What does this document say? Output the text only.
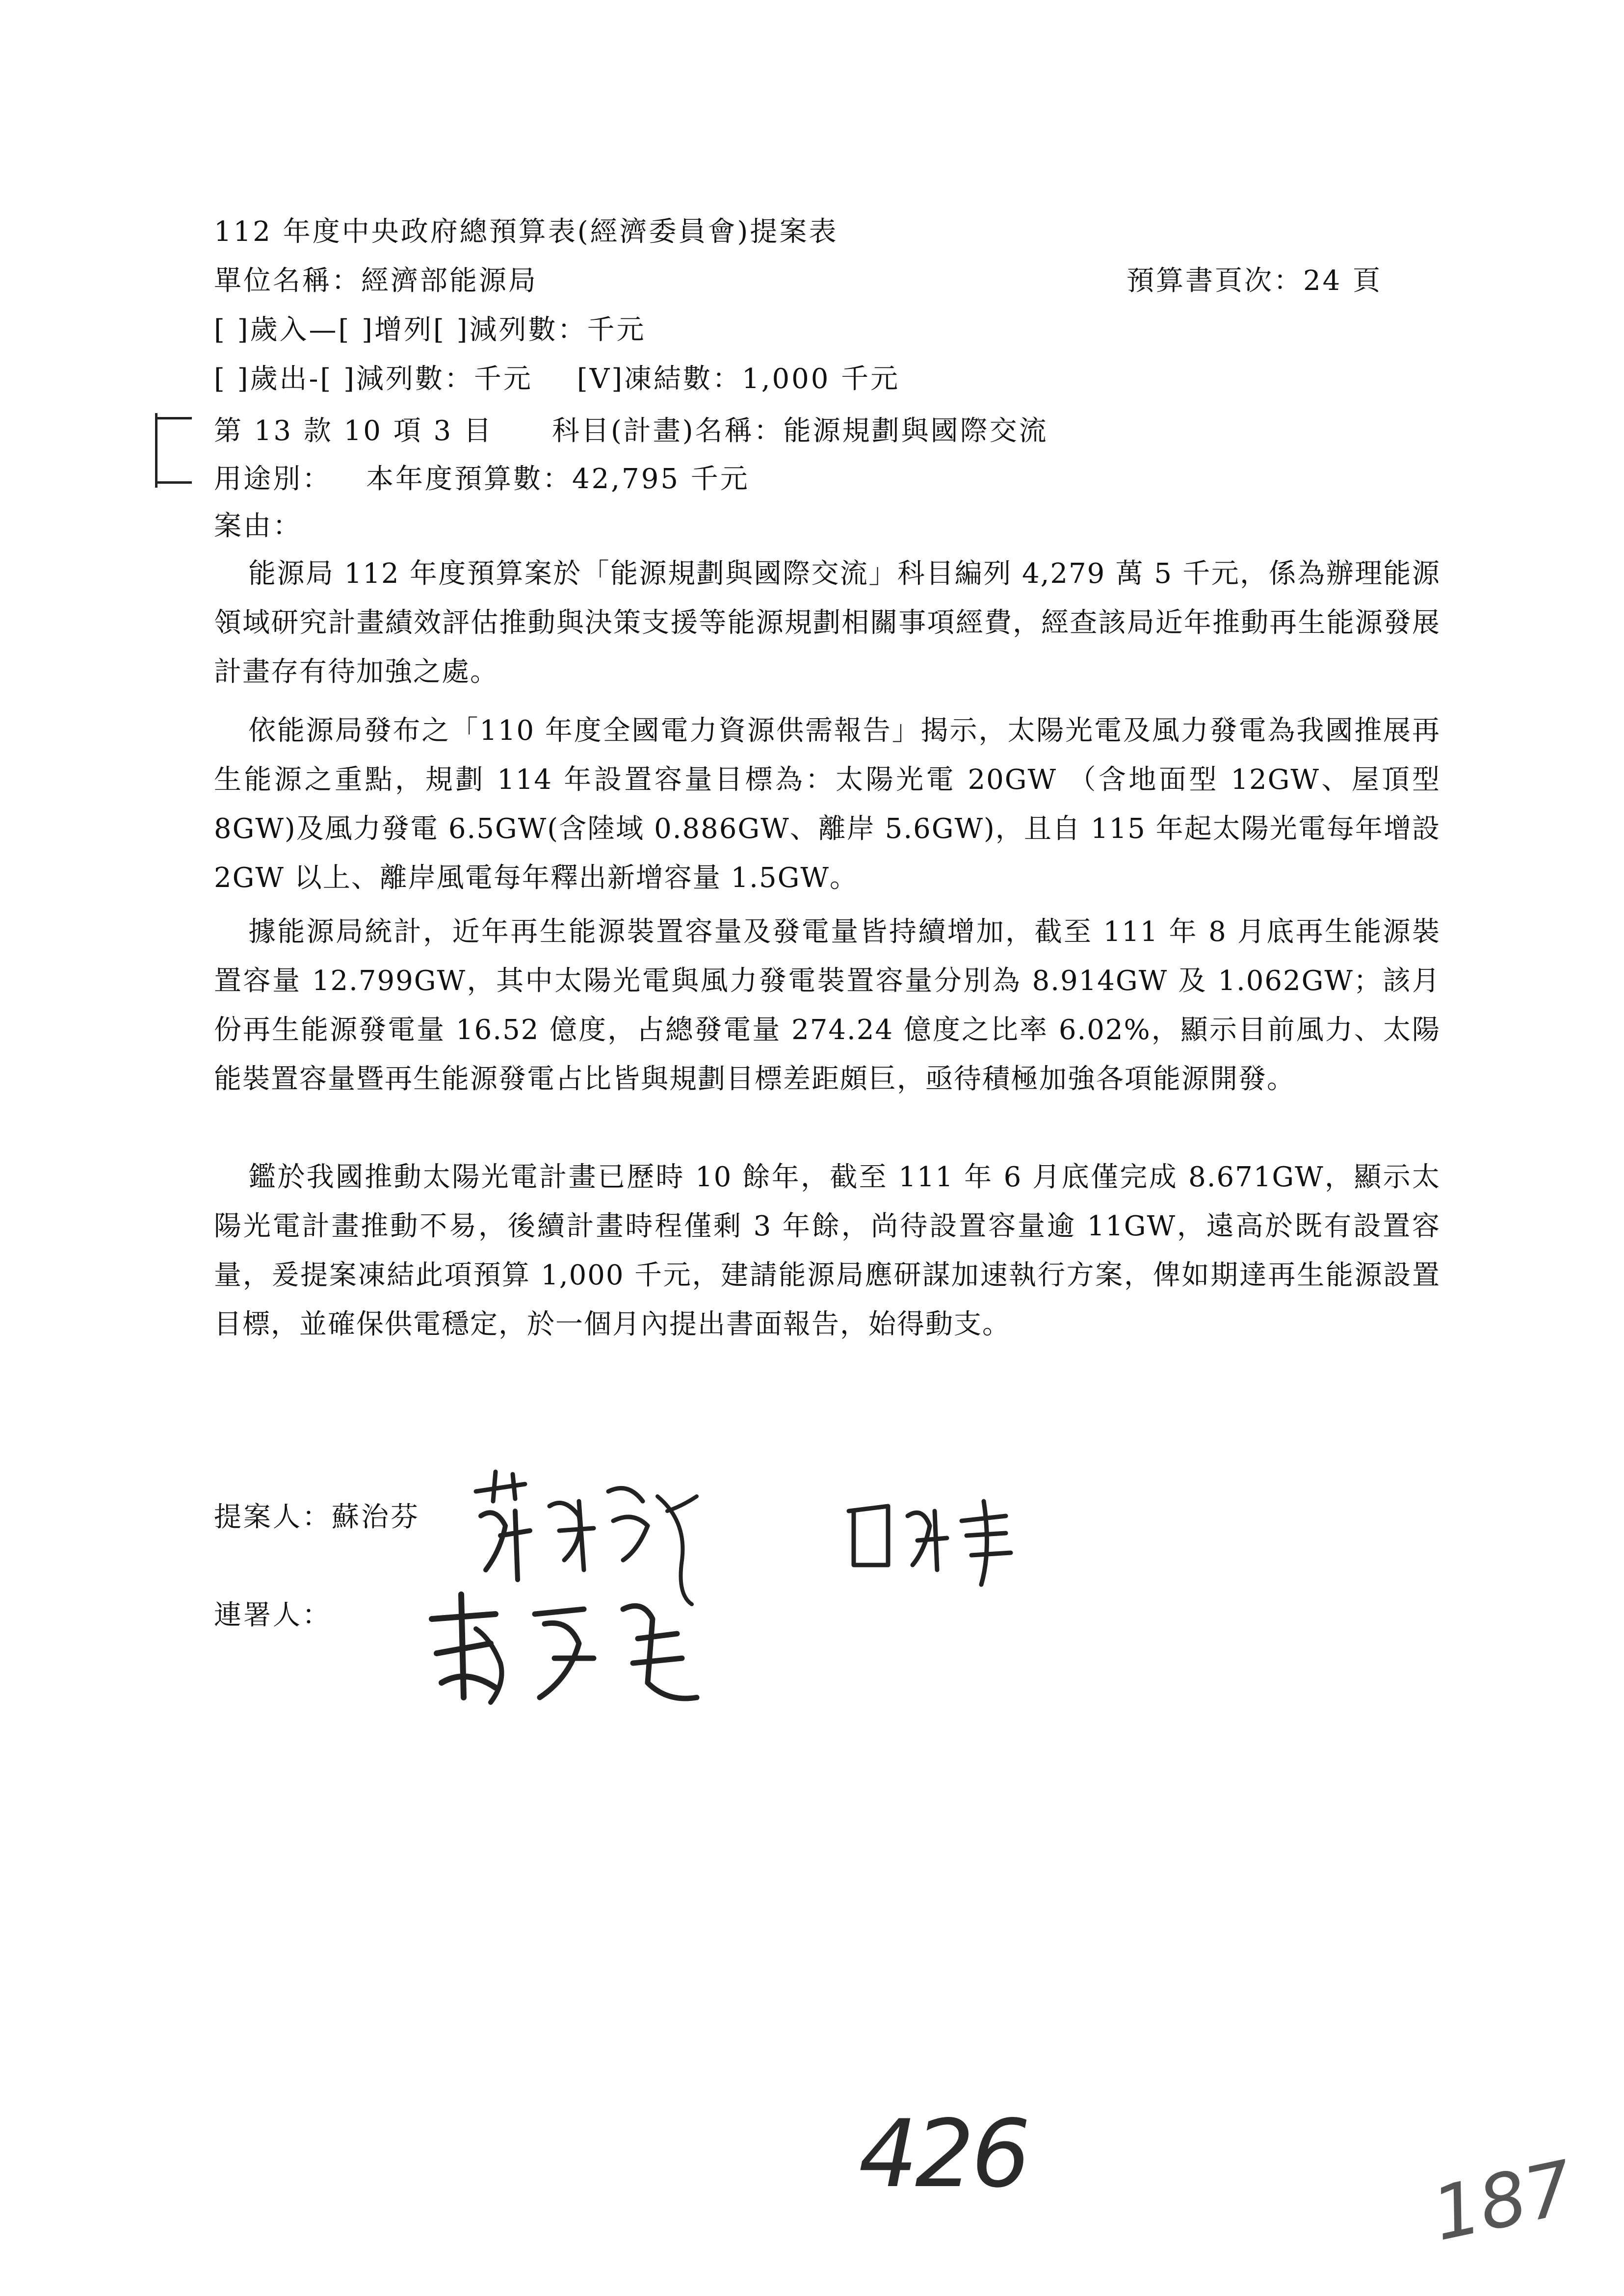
112 年度中央政府總預算表(經濟委員會)提案表
單位名稱：經濟部能源局	預算書頁次：24 頁
[ ]歲入—[ ]增列[ ]減列數：千元
[ ]歲出-[ ]減列數：千元 [V]凍結數：1,000 千元
第 13 款 10 項 3 目 科目(計畫)名稱：能源規劃與國際交流
用途別： 本年度預算數：42,795 千元
案由：
能源局 112 年度預算案於「能源規劃與國際交流」科目編列 4,279 萬 5 千元，係為辦理能源領域研究計畫績效評估推動與決策支援等能源規劃相關事項經費，經查該局近年推動再生能源發展計畫存有待加強之處。
依能源局發布之「110 年度全國電力資源供需報告」揭示，太陽光電及風力發電為我國推展再生能源之重點，規劃 114 年設置容量目標為：太陽光電 20GW （含地面型 12GW、屋頂型 8GW)及風力發電 6.5GW(含陸域 0.886GW、離岸 5.6GW)，且自 115 年起太陽光電每年增設 2GW 以上、離岸風電每年釋出新增容量 1.5GW。
據能源局統計，近年再生能源裝置容量及發電量皆持續增加，截至 111 年 8 月底再生能源裝置容量 12.799GW，其中太陽光電與風力發電裝置容量分別為 8.914GW 及 1.062GW；該月份再生能源發電量 16.52 億度，占總發電量 274.24 億度之比率 6.02%，顯示目前風力、太陽能裝置容量暨再生能源發電占比皆與規劃目標差距頗巨，亟待積極加強各項能源開發。
鑑於我國推動太陽光電計畫已歷時 10 餘年，截至 111 年 6 月底僅完成 8.671GW，顯示太陽光電計畫推動不易，後續計畫時程僅剩 3 年餘，尚待設置容量逾 11GW，遠高於既有設置容量，爰提案凍結此項預算 1,000 千元，建請能源局應研謀加速執行方案，俾如期達再生能源設置目標，並確保供電穩定，於一個月內提出書面報告，始得動支。
提案人：蘇治芬
連署人：
426	187
